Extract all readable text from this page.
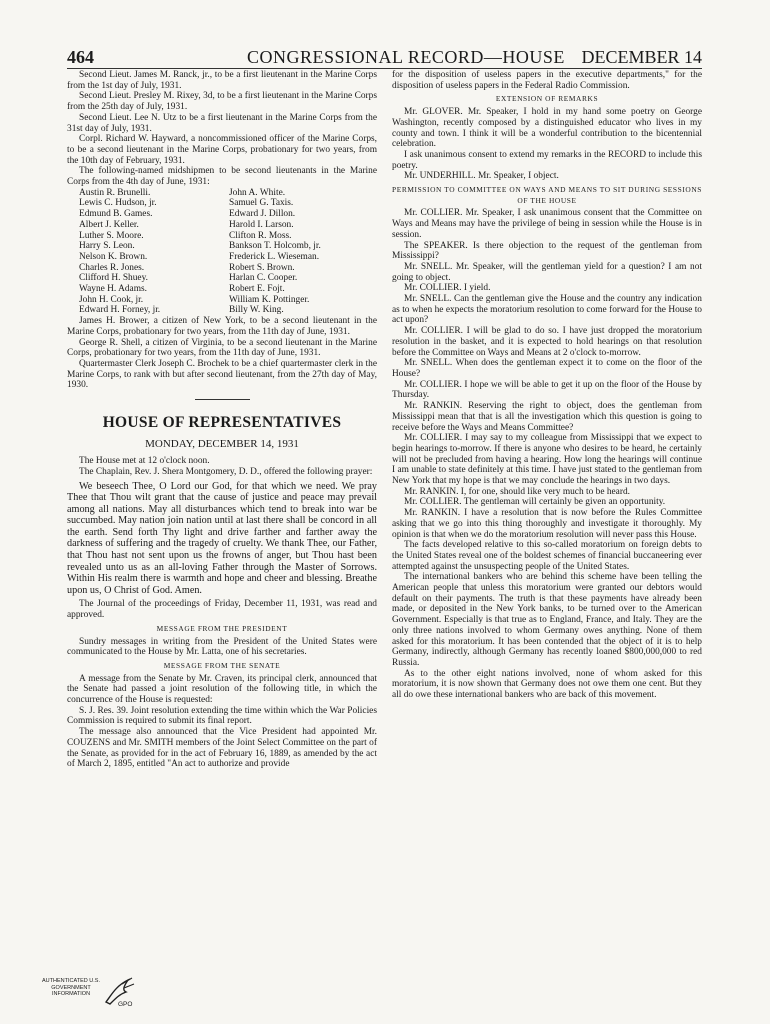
464	CONGRESSIONAL RECORD—HOUSE DECEMBER 14

Second Lieut. James M. Ranck, jr., to be a first lieutenant in the Marine Corps from the 1st day of July, 1931.

Second Lieut. Presley M. Rixey, 3d, to be a first lieutenant in the Marine Corps from the 25th day of July, 1931.

Second Lieut. Lee N. Utz to be a first lieutenant in the Marine Corps from the 31st day of July, 1931.

Corpl. Richard W. Hayward, a noncommissioned officer of the Marine Corps, to be a second lieutenant in the Marine Corps, probationary for two years, from the 10th day of February, 1931.

The following-named midshipmen to be second lieutenants in the Marine Corps from the 4th day of June, 1931:

Austin R. Brunelli.	John A. White.
Lewis C. Hudson, jr.	Samuel G. Taxis.
Edmund B. Games.	Edward J. Dillon.
Albert J. Keller.	Harold I. Larson.
Luther S. Moore.	Clifton R. Moss.
Harry S. Leon.	Bankson T. Holcomb, jr.
Nelson K. Brown.	Frederick L. Wieseman.
Charles R. Jones.	Robert S. Brown.
Clifford H. Shuey.	Harlan C. Cooper.
Wayne H. Adams.	Robert E. Fojt.
John H. Cook, jr.	William K. Pottinger.
Edward H. Forney, jr.	Billy W. King.

James H. Brower, a citizen of New York, to be a second lieutenant in the Marine Corps, probationary for two years, from the 11th day of June, 1931.

George R. Shell, a citizen of Virginia, to be a second lieutenant in the Marine Corps, probationary for two years, from the 11th day of June, 1931.

Quartermaster Clerk Joseph C. Brochek to be a chief quartermaster clerk in the Marine Corps, to rank with but after second lieutenant, from the 27th day of May, 1930.

HOUSE OF REPRESENTATIVES
MONDAY, DECEMBER 14, 1931

The House met at 12 o'clock noon.

The Chaplain, Rev. J. Shera Montgomery, D. D., offered the following prayer:

We beseech Thee, O Lord our God, for that which we need. We pray Thee that Thou wilt grant that the cause of justice and peace may prevail among all nations. May all disturbances which tend to break into war be succumbed. May nation join nation until at last there shall be concord in all the earth. Send forth Thy light and drive farther and farther away the darkness of suffering and the tragedy of cruelty. We thank Thee, our Father, that Thou hast not sent upon us the frowns of anger, but Thou hast been revealed unto us as an all-loving Father through the Master of Sorrows. Within His realm there is warmth and hope and cheer and blessing. Breathe upon us, O Christ of God. Amen.

The Journal of the proceedings of Friday, December 11, 1931, was read and approved.

MESSAGE FROM THE PRESIDENT

Sundry messages in writing from the President of the United States were communicated to the House by Mr. Latta, one of his secretaries.

MESSAGE FROM THE SENATE

A message from the Senate by Mr. Craven, its principal clerk, announced that the Senate had passed a joint resolution of the following title, in which the concurrence of the House is requested:

S. J. Res. 39. Joint resolution extending the time within which the War Policies Commission is required to submit its final report.

The message also announced that the Vice President had appointed Mr. COUZENS and Mr. SMITH members of the Joint Select Committee on the part of the Senate, as provided for in the act of February 16, 1889, as amended by the act of March 2, 1895, entitled "An act to authorize and provide

for the disposition of useless papers in the executive departments," for the disposition of useless papers in the Federal Radio Commission.

EXTENSION OF REMARKS

Mr. GLOVER. Mr. Speaker, I hold in my hand some poetry on George Washington, recently composed by a distinguished educator who lives in my county and town. I think it will be a wonderful contribution to the bicentennial celebration.

I ask unanimous consent to extend my remarks in the RECORD to include this poetry.

Mr. UNDERHILL. Mr. Speaker, I object.

PERMISSION TO COMMITTEE ON WAYS AND MEANS TO SIT DURING SESSIONS OF THE HOUSE

Mr. COLLIER. Mr. Speaker, I ask unanimous consent that the Committee on Ways and Means may have the privilege of being in session while the House is in session.

The SPEAKER. Is there objection to the request of the gentleman from Mississippi?

Mr. SNELL. Mr. Speaker, will the gentleman yield for a question? I am not going to object.

Mr. COLLIER. I yield.

Mr. SNELL. Can the gentleman give the House and the country any indication as to when he expects the moratorium resolution to come forward for the House to act upon?

Mr. COLLIER. I will be glad to do so. I have just dropped the moratorium resolution in the basket, and it is expected to hold hearings on that resolution before the Committee on Ways and Means at 2 o'clock to-morrow.

Mr. SNELL. When does the gentleman expect it to come on the floor of the House?

Mr. COLLIER. I hope we will be able to get it up on the floor of the House by Thursday.

Mr. RANKIN. Reserving the right to object, does the gentleman from Mississippi mean that that is all the investigation which this question is going to receive before the Ways and Means Committee?

Mr. COLLIER. I may say to my colleague from Mississippi that we expect to begin hearings to-morrow. If there is anyone who desires to be heard, he certainly will not be precluded from having a hearing. How long the hearings will continue I am unable to state definitely at this time. I have just stated to the gentleman from New York that my hope is that we may conclude the hearings in two days.

Mr. RANKIN. I, for one, should like very much to be heard.

Mr. COLLIER. The gentleman will certainly be given an opportunity.

Mr. RANKIN. I have a resolution that is now before the Rules Committee asking that we go into this thing thoroughly and investigate it thoroughly. My opinion is that when we do the moratorium resolution will never pass this House.

The facts developed relative to this so-called moratorium on foreign debts to the United States reveal one of the boldest schemes of financial buccaneering ever attempted against the unsuspecting people of the United States.

The international bankers who are behind this scheme have been telling the American people that unless this moratorium were granted our debtors would default on their payments. The truth is that these payments have already been made, or deposited in the New York banks, to be turned over to the American Government. Especially is that true as to England, France, and Italy. They are the only three nations involved to whom Germany owes anything. None of them asked for this moratorium. It has been contended that the object of it is to help Germany, indirectly, although Germany has recently loaned $800,000,000 to red Russia.

As to the other eight nations involved, none of whom asked for this moratorium, it is now shown that Germany does not owe them one cent. But they all do owe these international bankers who are back of this movement.

AUTHENTICATED U.S. GOVERNMENT INFORMATION
GPO
